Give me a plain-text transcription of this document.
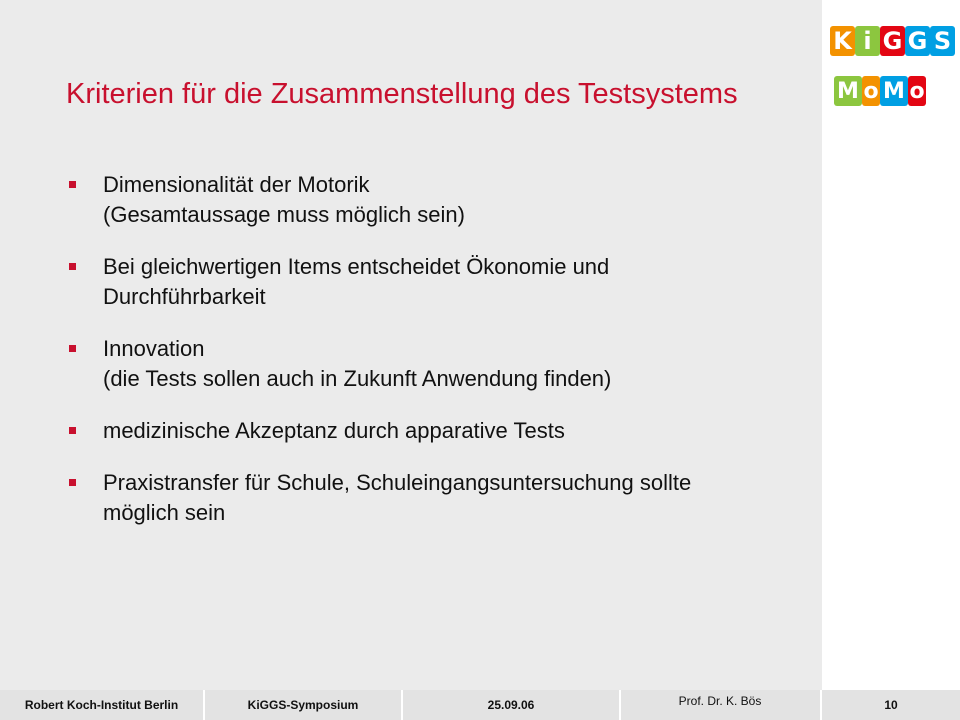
K i G G S
M o M o
Kriterien für die Zusammenstellung des Testsystems
Dimensionalität der Motorik
(Gesamtaussage muss möglich sein)
Bei gleichwertigen Items entscheidet Ökonomie und
Durchführbarkeit
Innovation
(die Tests sollen auch in Zukunft Anwendung finden)
medizinische Akzeptanz durch apparative Tests
Praxistransfer für Schule, Schuleingangsuntersuchung sollte
möglich sein
Robert Koch-Institut Berlin	KiGGS-Symposium	25.09.06	10
Prof. Dr. K. Bös
